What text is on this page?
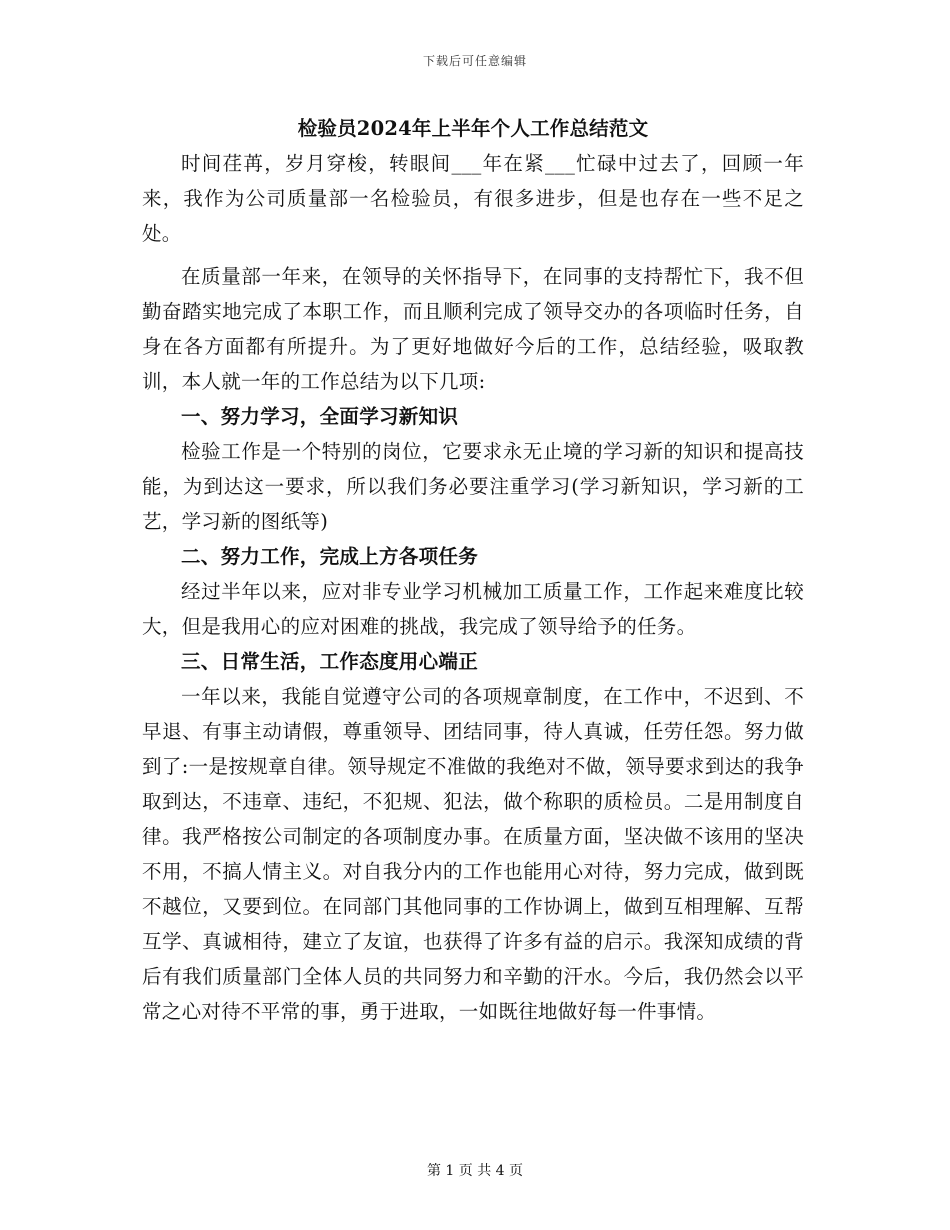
下载后可任意编辑
检验员2024年上半年个人工作总结范文

时间荏苒，岁月穿梭，转眼间___年在紧___忙碌中过去了，回顾一年来，我作为公司质量部一名检验员，有很多进步，但是也存在一些不足之处。

在质量部一年来，在领导的关怀指导下，在同事的支持帮忙下，我不但勤奋踏实地完成了本职工作，而且顺利完成了领导交办的各项临时任务，自身在各方面都有所提升。为了更好地做好今后的工作，总结经验，吸取教训，本人就一年的工作总结为以下几项:

一、努力学习，全面学习新知识

检验工作是一个特别的岗位，它要求永无止境的学习新的知识和提高技能，为到达这一要求，所以我们务必要注重学习(学习新知识，学习新的工艺，学习新的图纸等)

二、努力工作，完成上方各项任务

经过半年以来，应对非专业学习机械加工质量工作，工作起来难度比较大，但是我用心的应对困难的挑战，我完成了领导给予的任务。

三、日常生活，工作态度用心端正

一年以来，我能自觉遵守公司的各项规章制度，在工作中，不迟到、不早退、有事主动请假，尊重领导、团结同事，待人真诚，任劳任怨。努力做到了:一是按规章自律。领导规定不准做的我绝对不做，领导要求到达的我争取到达，不违章、违纪，不犯规、犯法，做个称职的质检员。二是用制度自律。我严格按公司制定的各项制度办事。在质量方面，坚决做不该用的坚决不用，不搞人情主义。对自我分内的工作也能用心对待，努力完成，做到既不越位，又要到位。在同部门其他同事的工作协调上，做到互相理解、互帮互学、真诚相待，建立了友谊，也获得了许多有益的启示。我深知成绩的背后有我们质量部门全体人员的共同努力和辛勤的汗水。今后，我仍然会以平常之心对待不平常的事，勇于进取，一如既往地做好每一件事情。

第 1 页 共 4 页
